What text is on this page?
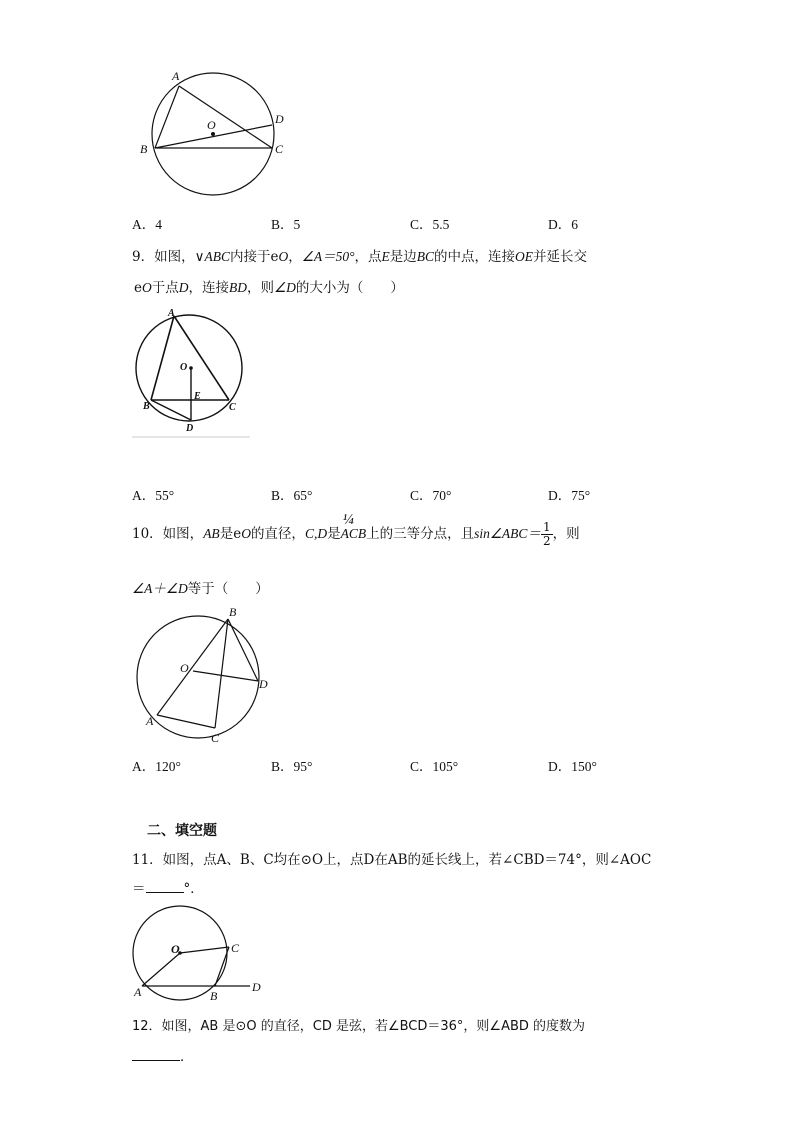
A
B	C
D
O
A．4	B．5	C．5.5	D．6
9．如图，∨ABC内接于eO，∠A＝50°，点E是边BC的中点，连接OE并延长交
eO于点D，连接BD，则∠D的大小为（　　）
A
B	C
D
O
E
A．55°	B．65°	C．70°	D．75°
10．如图，AB是eO的直径，C,D是
¼
ACB上的三等分点，且sin∠ABC＝ $\frac{1}{2}$ ，则
∠A＋∠D等于（　　）
A
B
C
D
O
A．120°	B．95°	C．105°	D．150°
二、填空题
11．如图，点A、B、C均在⊙O上，点D在AB的延长线上，若∠CBD＝74°，则∠AOC
＝	°．
A	B
C
D
O
12．如图，AB 是⊙O 的直径，CD 是弦，若∠BCD＝36°，则∠ABD 的度数为
．
